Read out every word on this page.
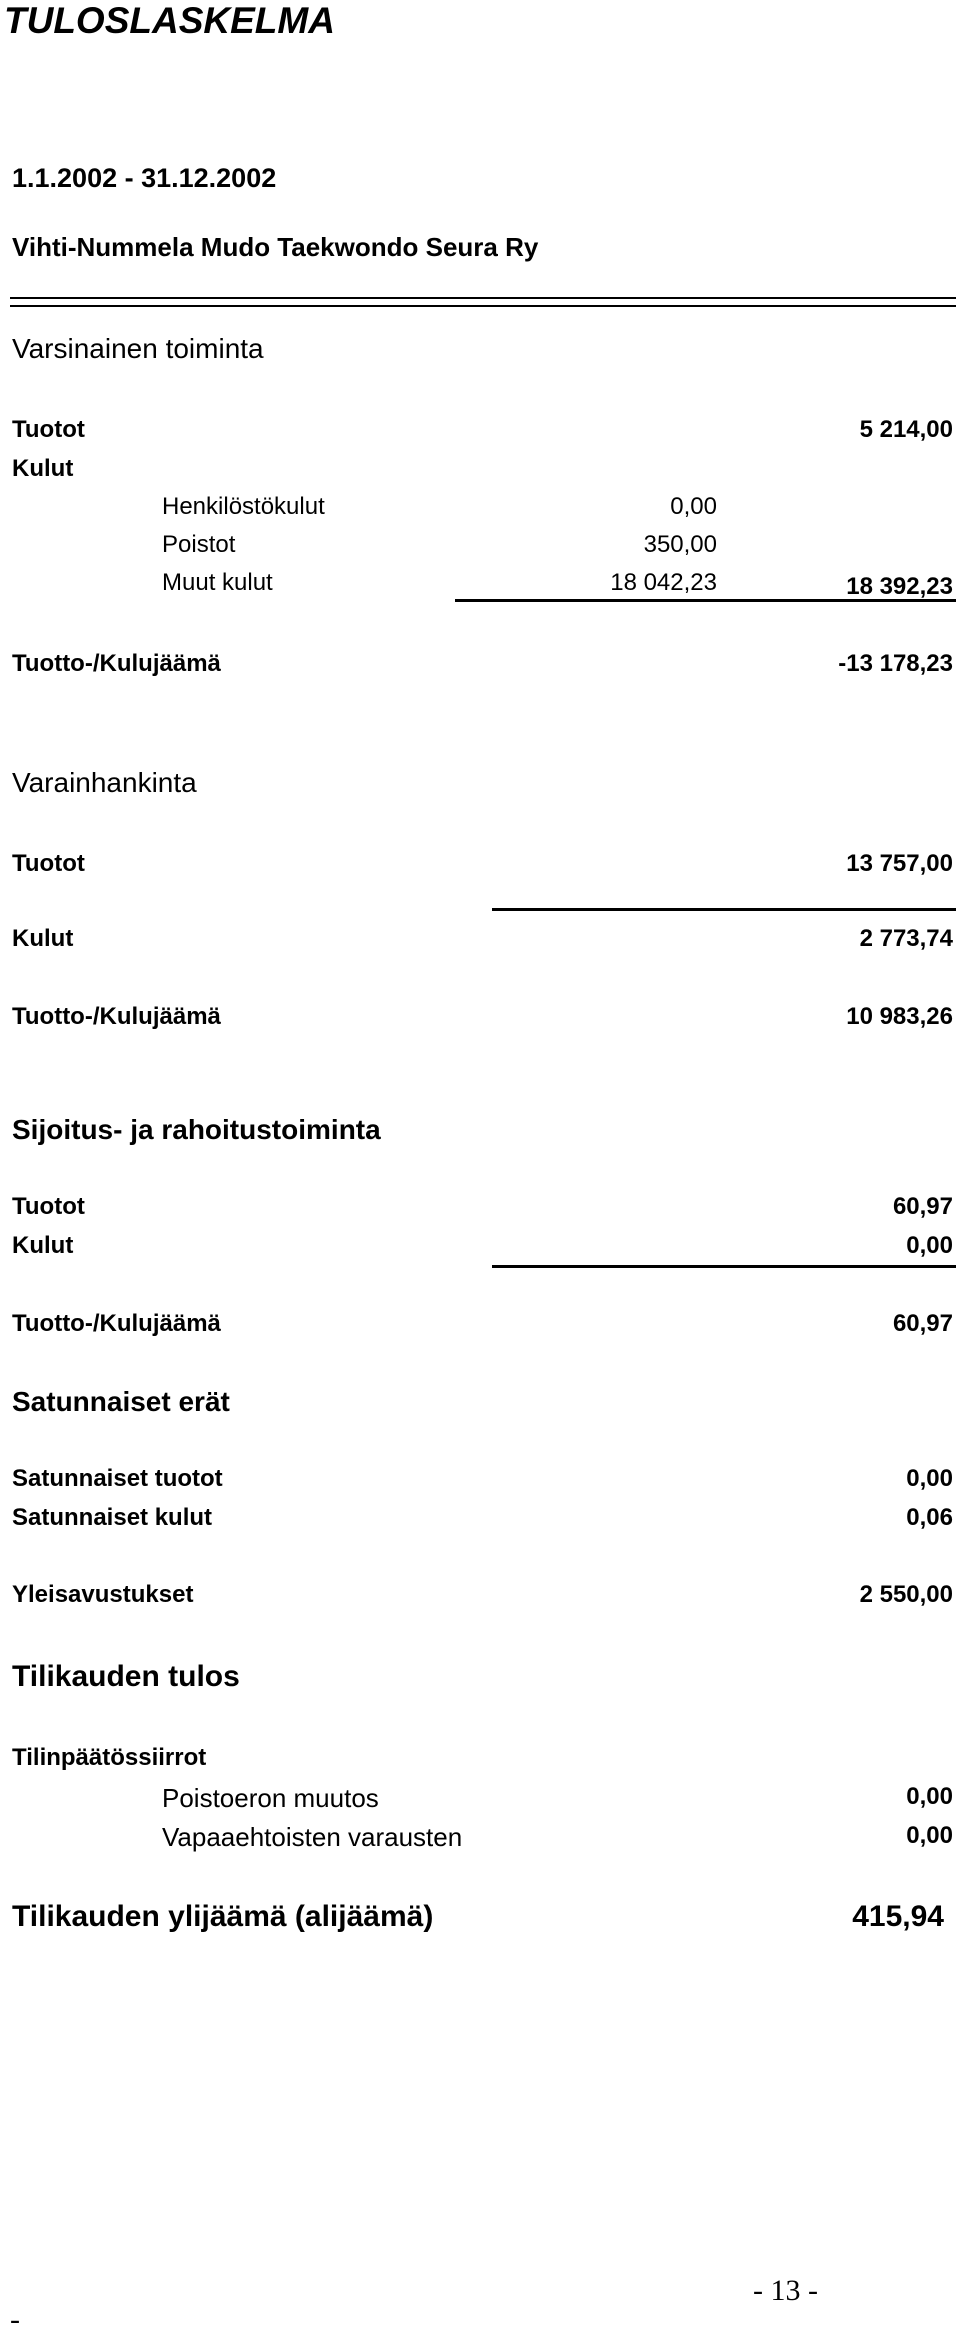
TULOSLASKELMA
1.1.2002 - 31.12.2002
Vihti-Nummela Mudo Taekwondo Seura Ry
Varsinainen toiminta
Tuotot	5 214,00
Kulut
Henkilöstökulut	0,00
Poistot	350,00
Muut kulut	18 042,23	18 392,23
Tuotto-/Kulujäämä	-13 178,23
Varainhankinta
Tuotot	13 757,00
Kulut	2 773,74
Tuotto-/Kulujäämä	10 983,26
Sijoitus- ja rahoitustoiminta
Tuotot	60,97
Kulut	0,00
Tuotto-/Kulujäämä	60,97
Satunnaiset erät
Satunnaiset tuotot	0,00
Satunnaiset kulut	0,06
Yleisavustukset	2 550,00
Tilikauden tulos
Tilinpäätössiirrot
Poistoeron muutos	0,00
Vapaaehtoisten varausten	0,00
Tilikauden ylijäämä (alijäämä)	415,94
- 13 -
-
